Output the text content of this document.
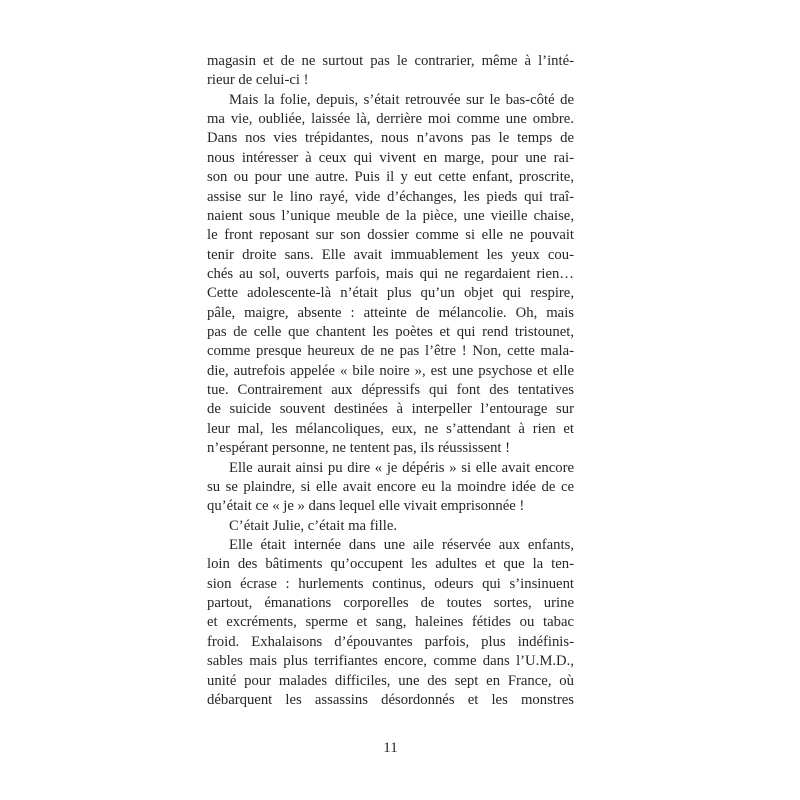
magasin et de ne surtout pas le contrarier, même à l’inté-
rieur de celui-ci !
Mais la folie, depuis, s’était retrouvée sur le bas-côté de
ma vie, oubliée, laissée là, derrière moi comme une ombre.
Dans nos vies trépidantes, nous n’avons pas le temps de
nous intéresser à ceux qui vivent en marge, pour une rai-
son ou pour une autre. Puis il y eut cette enfant, proscrite,
assise sur le lino rayé, vide d’échanges, les pieds qui traî-
naient sous l’unique meuble de la pièce, une vieille chaise,
le front reposant sur son dossier comme si elle ne pouvait
tenir droite sans. Elle avait immuablement les yeux cou-
chés au sol, ouverts parfois, mais qui ne regardaient rien…
Cette adolescente-là n’était plus qu’un objet qui respire,
pâle, maigre, absente : atteinte de mélancolie. Oh, mais
pas de celle que chantent les poètes et qui rend tristounet,
comme presque heureux de ne pas l’être ! Non, cette mala-
die, autrefois appelée « bile noire », est une psychose et elle
tue. Contrairement aux dépressifs qui font des tentatives
de suicide souvent destinées à interpeller l’entourage sur
leur mal, les mélancoliques, eux, ne s’attendant à rien et
n’espérant personne, ne tentent pas, ils réussissent !
Elle aurait ainsi pu dire « je dépéris » si elle avait encore
su se plaindre, si elle avait encore eu la moindre idée de ce
qu’était ce « je » dans lequel elle vivait emprisonnée !
C’était Julie, c’était ma fille.
Elle était internée dans une aile réservée aux enfants,
loin des bâtiments qu’occupent les adultes et que la ten-
sion écrase : hurlements continus, odeurs qui s’insinuent
partout, émanations corporelles de toutes sortes, urine
et excréments, sperme et sang, haleines fétides ou tabac
froid. Exhalaisons d’épouvantes parfois, plus indéfinis-
sables mais plus terrifiantes encore, comme dans l’U.M.D.,
unité pour malades difficiles, une des sept en France, où
débarquent les assassins désordonnés et les monstres
11
